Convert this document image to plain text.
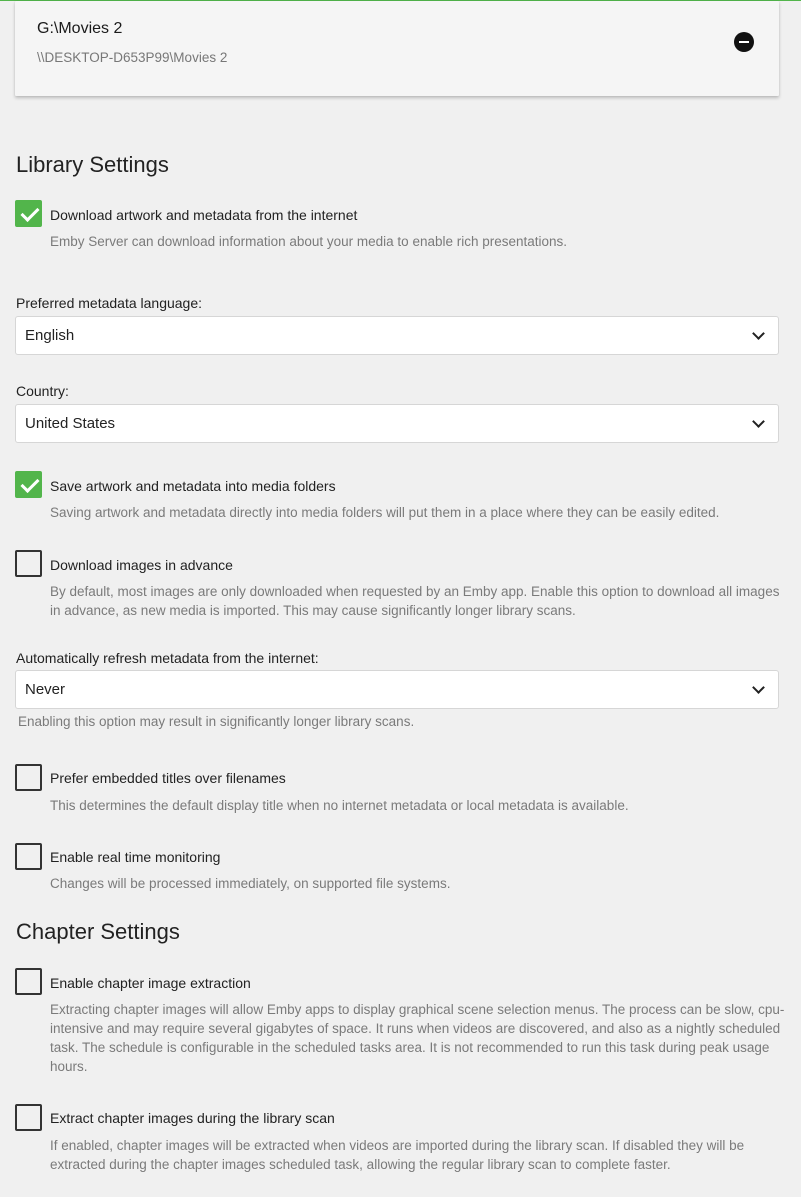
G:\Movies 2
\\DESKTOP-D653P99\Movies 2
Library Settings
Download artwork and metadata from the internet
Emby Server can download information about your media to enable rich presentations.
Preferred metadata language:
English
Country:
United States
Save artwork and metadata into media folders
Saving artwork and metadata directly into media folders will put them in a place where they can be easily edited.
Download images in advance
By default, most images are only downloaded when requested by an Emby app. Enable this option to download all images in advance, as new media is imported. This may cause significantly longer library scans.
Automatically refresh metadata from the internet:
Never
Enabling this option may result in significantly longer library scans.
Prefer embedded titles over filenames
This determines the default display title when no internet metadata or local metadata is available.
Enable real time monitoring
Changes will be processed immediately, on supported file systems.
Chapter Settings
Enable chapter image extraction
Extracting chapter images will allow Emby apps to display graphical scene selection menus. The process can be slow, cpu-intensive and may require several gigabytes of space. It runs when videos are discovered, and also as a nightly scheduled task. The schedule is configurable in the scheduled tasks area. It is not recommended to run this task during peak usage hours.
Extract chapter images during the library scan
If enabled, chapter images will be extracted when videos are imported during the library scan. If disabled they will be extracted during the chapter images scheduled task, allowing the regular library scan to complete faster.
